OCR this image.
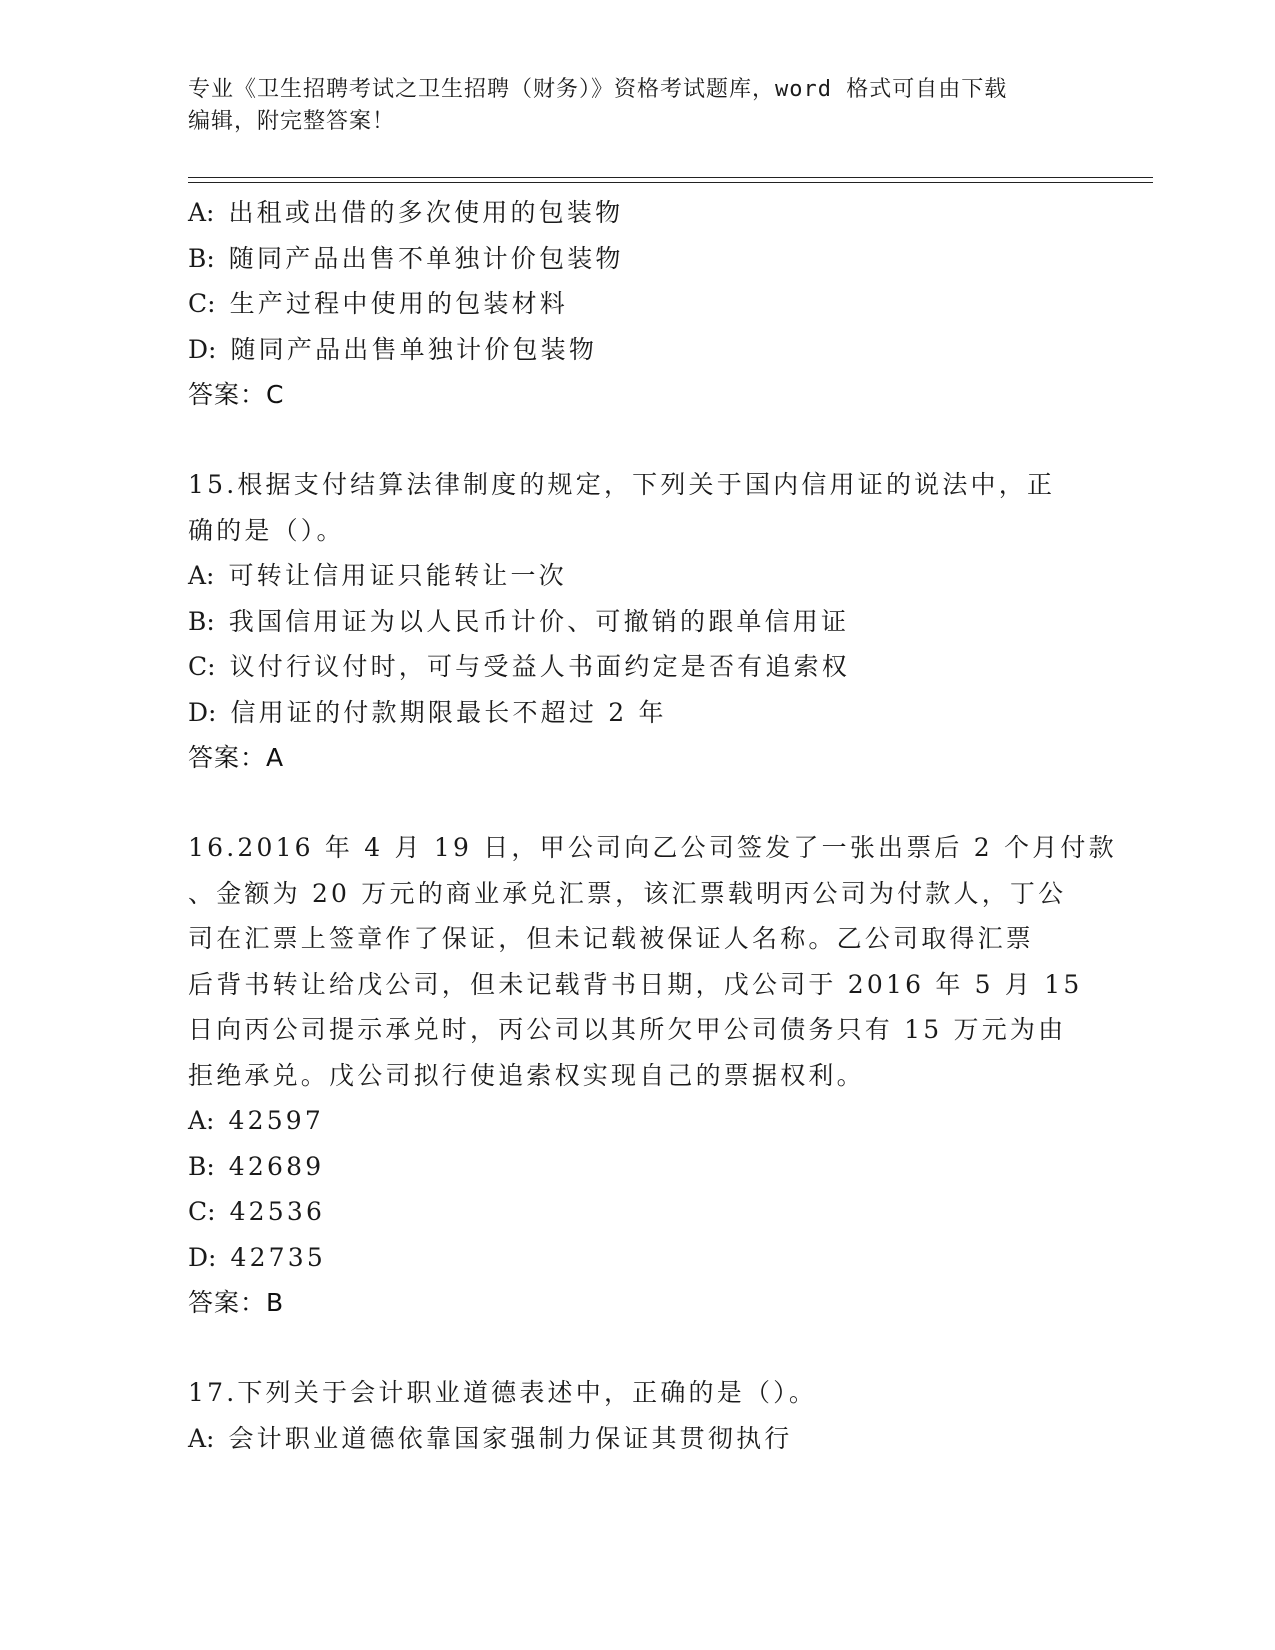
专业《卫生招聘考试之卫生招聘（财务）》资格考试题库，word 格式可自由下载
编辑，附完整答案！
A: 出租或出借的多次使用的包装物
B: 随同产品出售不单独计价包装物
C: 生产过程中使用的包装材料
D: 随同产品出售单独计价包装物
答案：C
15.根据支付结算法律制度的规定，下列关于国内信用证的说法中，正
确的是（）。
A: 可转让信用证只能转让一次
B: 我国信用证为以人民币计价、可撤销的跟单信用证
C: 议付行议付时，可与受益人书面约定是否有追索权
D: 信用证的付款期限最长不超过 2 年
答案：A
16.2016 年 4 月 19 日，甲公司向乙公司签发了一张出票后 2 个月付款
、金额为 20 万元的商业承兑汇票，该汇票载明丙公司为付款人，丁公
司在汇票上签章作了保证，但未记载被保证人名称。乙公司取得汇票
后背书转让给戊公司，但未记载背书日期，戊公司于 2016 年 5 月 15
日向丙公司提示承兑时，丙公司以其所欠甲公司债务只有 15 万元为由
拒绝承兑。戊公司拟行使追索权实现自己的票据权利。
A: 42597
B: 42689
C: 42536
D: 42735
答案：B
17.下列关于会计职业道德表述中，正确的是（）。
A: 会计职业道德依靠国家强制力保证其贯彻执行
